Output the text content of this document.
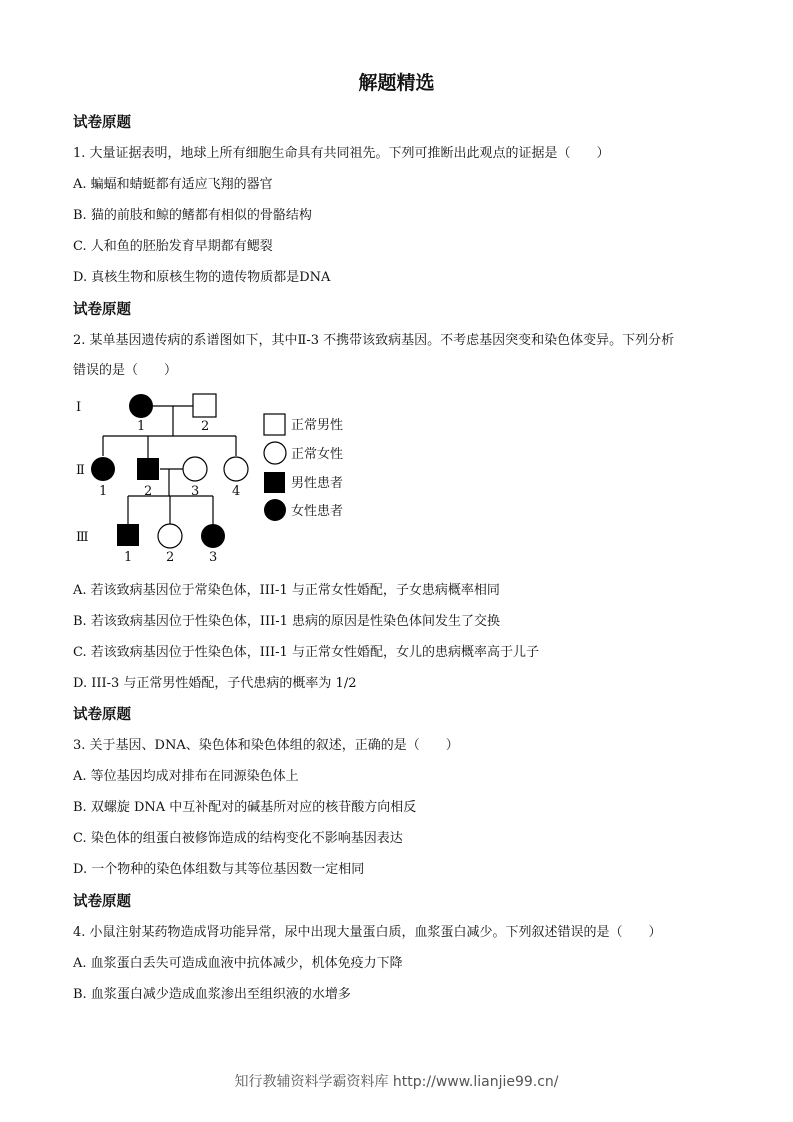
解题精选
试卷原题
1. 大量证据表明，地球上所有细胞生命具有共同祖先。下列可推断出此观点的证据是（　　）
A. 蝙蝠和蜻蜓都有适应飞翔的器官
B. 猫的前肢和鲸的鳍都有相似的骨骼结构
C. 人和鱼的胚胎发育早期都有鳃裂
D. 真核生物和原核生物的遗传物质都是DNA
试卷原题
2. 某单基因遗传病的系谱图如下，其中Ⅱ-3 不携带该致病基因。不考虑基因突变和染色体变异。下列分析
错误的是（　　）
Ⅰ
Ⅱ
Ⅲ
1	2
1	2	3	4
1	2	3
正常男性
正常女性
男性患者
女性患者
A. 若该致病基因位于常染色体，III-1 与正常女性婚配，子女患病概率相同
B. 若该致病基因位于性染色体，III-1 患病的原因是性染色体间发生了交换
C. 若该致病基因位于性染色体，III-1 与正常女性婚配，女儿的患病概率高于儿子
D. III-3 与正常男性婚配，子代患病的概率为 1/2
试卷原题
3. 关于基因、DNA、染色体和染色体组的叙述，正确的是（　　）
A. 等位基因均成对排布在同源染色体上
B. 双螺旋 DNA 中互补配对的碱基所对应的核苷酸方向相反
C. 染色体的组蛋白被修饰造成的结构变化不影响基因表达
D. 一个物种的染色体组数与其等位基因数一定相同
试卷原题
4. 小鼠注射某药物造成肾功能异常，尿中出现大量蛋白质，血浆蛋白减少。下列叙述错误的是（　　）
A. 血浆蛋白丢失可造成血液中抗体减少，机体免疫力下降
B. 血浆蛋白减少造成血浆渗出至组织液的水增多
知行教辅资料学霸资料库 http://www.lianjie99.cn/
